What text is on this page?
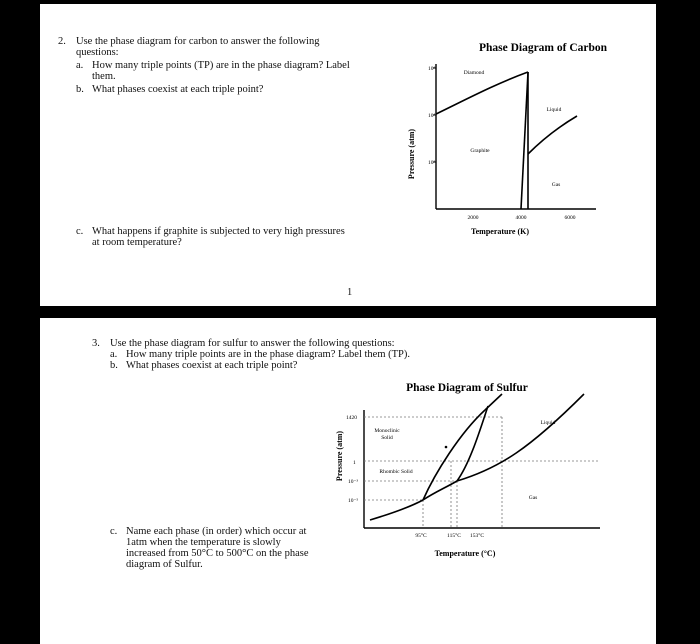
2. Use the phase diagram for carbon to answer the following
questions:
a. How many triple points (TP) are in the phase diagram? Label
them.
b. What phases coexist at each triple point?
c. What happens if graphite is subjected to very high pressures
at room temperature?
1
Phase Diagram of Carbon
Pressure (atm)
10⁶
10⁴
10²
2000	4000	6000
Temperature (K)
Diamond
Graphite
Liquid
Gas
3. Use the phase diagram for sulfur to answer the following questions:
a. How many triple points are in the phase diagram? Label them (TP).
b. What phases coexist at each triple point?
c. Name each phase (in order) which occur at
1atm when the temperature is slowly
increased from 50°C to 500°C on the phase
diagram of Sulfur.
Phase Diagram of Sulfur
Pressure (atm)
1420
1
10⁻³
10⁻⁵
95°C	115°C 153°C
Temperature (°C)
Monoclinic
Solid
Rhombic Solid
Liquid
Gas
